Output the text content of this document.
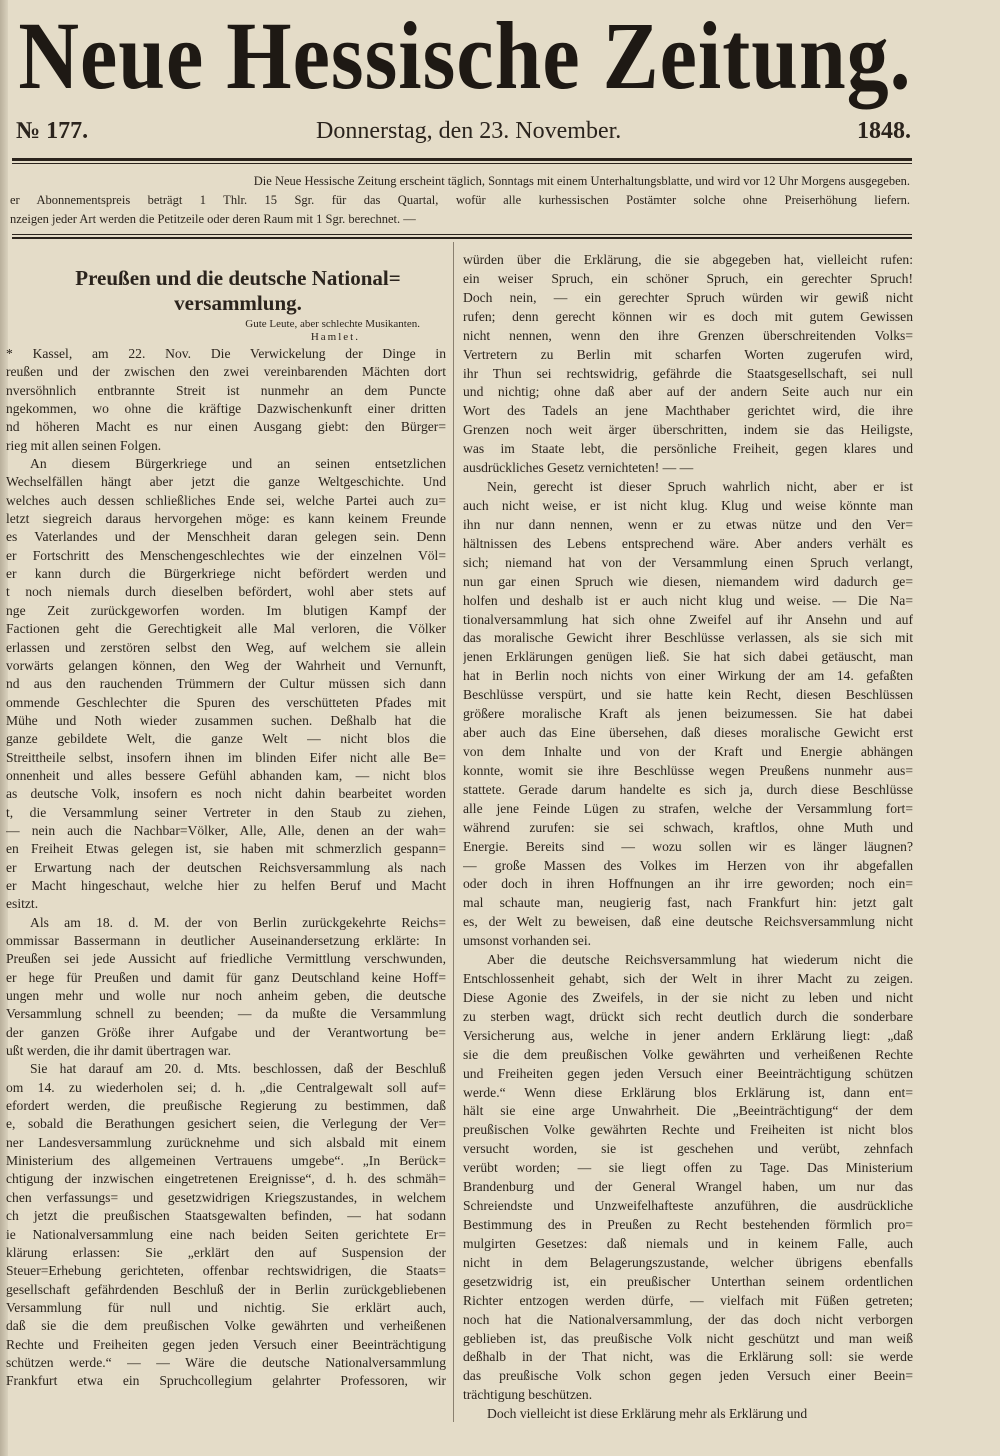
Neue Hessische Zeitung.
№ 177.	Donnerstag, den 23. November.	1848.
Die Neue Hessische Zeitung erscheint täglich, Sonntags mit einem Unterhaltungsblatte, und wird vor 12 Uhr Morgens ausgegeben.
er Abonnementspreis beträgt 1 Thlr. 15 Sgr. für das Quartal, wofür alle kurhessischen Postämter solche ohne Preiserhöhung liefern.
nzeigen jeder Art werden die Petitzeile oder deren Raum mit 1 Sgr. berechnet. —
Preußen und die deutsche National=
versammlung.
Gute Leute, aber schlechte Musikanten.
Hamlet.
* Kassel, am 22. Nov. Die Verwickelung der Dinge in
reußen und der zwischen den zwei vereinbarenden Mächten dort
nversöhnlich entbrannte Streit ist nunmehr an dem Puncte
ngekommen, wo ohne die kräftige Dazwischenkunft einer dritten
nd höheren Macht es nur einen Ausgang giebt: den Bürger=
rieg mit allen seinen Folgen.
An diesem Bürgerkriege und an seinen entsetzlichen
Wechselfällen hängt aber jetzt die ganze Weltgeschichte. Und
welches auch dessen schließliches Ende sei, welche Partei auch zu=
letzt siegreich daraus hervorgehen möge: es kann keinem Freunde
es Vaterlandes und der Menschheit daran gelegen sein. Denn
er Fortschritt des Menschengeschlechtes wie der einzelnen Völ=
er kann durch die Bürgerkriege nicht befördert werden und
t noch niemals durch dieselben befördert, wohl aber stets auf
nge Zeit zurückgeworfen worden. Im blutigen Kampf der
Factionen geht die Gerechtigkeit alle Mal verloren, die Völker
erlassen und zerstören selbst den Weg, auf welchem sie allein
vorwärts gelangen können, den Weg der Wahrheit und Vernunft,
nd aus den rauchenden Trümmern der Cultur müssen sich dann
ommende Geschlechter die Spuren des verschütteten Pfades mit
Mühe und Noth wieder zusammen suchen. Deßhalb hat die
ganze gebildete Welt, die ganze Welt — nicht blos die
Streittheile selbst, insofern ihnen im blinden Eifer nicht alle Be=
onnenheit und alles bessere Gefühl abhanden kam, — nicht blos
as deutsche Volk, insofern es noch nicht dahin bearbeitet worden
t, die Versammlung seiner Vertreter in den Staub zu ziehen,
— nein auch die Nachbar=Völker, Alle, Alle, denen an der wah=
en Freiheit Etwas gelegen ist, sie haben mit schmerzlich gespann=
er Erwartung nach der deutschen Reichsversammlung als nach
er Macht hingeschaut, welche hier zu helfen Beruf und Macht
esitzt.
Als am 18. d. M. der von Berlin zurückgekehrte Reichs=
ommissar Bassermann in deutlicher Auseinandersetzung erklärte: In
Preußen sei jede Aussicht auf friedliche Vermittlung verschwunden,
er hege für Preußen und damit für ganz Deutschland keine Hoff=
ungen mehr und wolle nur noch anheim geben, die deutsche
Versammlung schnell zu beenden; — da mußte die Versammlung
der ganzen Größe ihrer Aufgabe und der Verantwortung be=
ußt werden, die ihr damit übertragen war.
Sie hat darauf am 20. d. Mts. beschlossen, daß der Beschluß
om 14. zu wiederholen sei; d. h. „die Centralgewalt soll auf=
efordert werden, die preußische Regierung zu bestimmen, daß
e, sobald die Berathungen gesichert seien, die Verlegung der Ver=
ner Landesversammlung zurücknehme und sich alsbald mit einem
Ministerium des allgemeinen Vertrauens umgebe“. „In Berück=
chtigung der inzwischen eingetretenen Ereignisse“, d. h. des schmäh=
chen verfassungs= und gesetzwidrigen Kriegszustandes, in welchem
ch jetzt die preußischen Staatsgewalten befinden, — hat sodann
ie Nationalversammlung eine nach beiden Seiten gerichtete Er=
klärung erlassen: Sie „erklärt den auf Suspension der
Steuer=Erhebung gerichteten, offenbar rechtswidrigen, die Staats=
gesellschaft gefährdenden Beschluß der in Berlin zurückgebliebenen
Versammlung für null und nichtig. Sie erklärt auch,
daß sie die dem preußischen Volke gewährten und verheißenen
Rechte und Freiheiten gegen jeden Versuch einer Beeinträchtigung
schützen werde.“ — — Wäre die deutsche Nationalversammlung
Frankfurt etwa ein Spruchcollegium gelahrter Professoren, wir
würden über die Erklärung, die sie abgegeben hat, vielleicht rufen:
ein weiser Spruch, ein schöner Spruch, ein gerechter Spruch!
Doch nein, — ein gerechter Spruch würden wir gewiß nicht
rufen; denn gerecht können wir es doch mit gutem Gewissen
nicht nennen, wenn den ihre Grenzen überschreitenden Volks=
Vertretern zu Berlin mit scharfen Worten zugerufen wird,
ihr Thun sei rechtswidrig, gefährde die Staatsgesellschaft, sei null
und nichtig; ohne daß aber auf der andern Seite auch nur ein
Wort des Tadels an jene Machthaber gerichtet wird, die ihre
Grenzen noch weit ärger überschritten, indem sie das Heiligste,
was im Staate lebt, die persönliche Freiheit, gegen klares und
ausdrückliches Gesetz vernichteten! — —
Nein, gerecht ist dieser Spruch wahrlich nicht, aber er ist
auch nicht weise, er ist nicht klug. Klug und weise könnte man
ihn nur dann nennen, wenn er zu etwas nütze und den Ver=
hältnissen des Lebens entsprechend wäre. Aber anders verhält es
sich; niemand hat von der Versammlung einen Spruch verlangt,
nun gar einen Spruch wie diesen, niemandem wird dadurch ge=
holfen und deshalb ist er auch nicht klug und weise. — Die Na=
tionalversammlung hat sich ohne Zweifel auf ihr Ansehn und auf
das moralische Gewicht ihrer Beschlüsse verlassen, als sie sich mit
jenen Erklärungen genügen ließ. Sie hat sich dabei getäuscht, man
hat in Berlin noch nichts von einer Wirkung der am 14. gefaßten
Beschlüsse verspürt, und sie hatte kein Recht, diesen Beschlüssen
größere moralische Kraft als jenen beizumessen. Sie hat dabei
aber auch das Eine übersehen, daß dieses moralische Gewicht erst
von dem Inhalte und von der Kraft und Energie abhängen
konnte, womit sie ihre Beschlüsse wegen Preußens nunmehr aus=
stattete. Gerade darum handelte es sich ja, durch diese Beschlüsse
alle jene Feinde Lügen zu strafen, welche der Versammlung fort=
während zurufen: sie sei schwach, kraftlos, ohne Muth und
Energie. Bereits sind — wozu sollen wir es länger läugnen?
— große Massen des Volkes im Herzen von ihr abgefallen
oder doch in ihren Hoffnungen an ihr irre geworden; noch ein=
mal schaute man, neugierig fast, nach Frankfurt hin: jetzt galt
es, der Welt zu beweisen, daß eine deutsche Reichsversammlung nicht
umsonst vorhanden sei.
Aber die deutsche Reichsversammlung hat wiederum nicht die
Entschlossenheit gehabt, sich der Welt in ihrer Macht zu zeigen.
Diese Agonie des Zweifels, in der sie nicht zu leben und nicht
zu sterben wagt, drückt sich recht deutlich durch die sonderbare
Versicherung aus, welche in jener andern Erklärung liegt: „daß
sie die dem preußischen Volke gewährten und verheißenen Rechte
und Freiheiten gegen jeden Versuch einer Beeinträchtigung schützen
werde.“ Wenn diese Erklärung blos Erklärung ist, dann ent=
hält sie eine arge Unwahrheit. Die „Beeinträchtigung“ der dem
preußischen Volke gewährten Rechte und Freiheiten ist nicht blos
versucht worden, sie ist geschehen und verübt, zehnfach
verübt worden; — sie liegt offen zu Tage. Das Ministerium
Brandenburg und der General Wrangel haben, um nur das
Schreiendste und Unzweifelhafteste anzuführen, die ausdrückliche
Bestimmung des in Preußen zu Recht bestehenden förmlich pro=
mulgirten Gesetzes: daß niemals und in keinem Falle, auch
nicht in dem Belagerungszustande, welcher übrigens ebenfalls
gesetzwidrig ist, ein preußischer Unterthan seinem ordentlichen
Richter entzogen werden dürfe, — vielfach mit Füßen getreten;
noch hat die Nationalversammlung, der das doch nicht verborgen
geblieben ist, das preußische Volk nicht geschützt und man weiß
deßhalb in der That nicht, was die Erklärung soll: sie werde
das preußische Volk schon gegen jeden Versuch einer Beein=
trächtigung beschützen.
Doch vielleicht ist diese Erklärung mehr als Erklärung und
